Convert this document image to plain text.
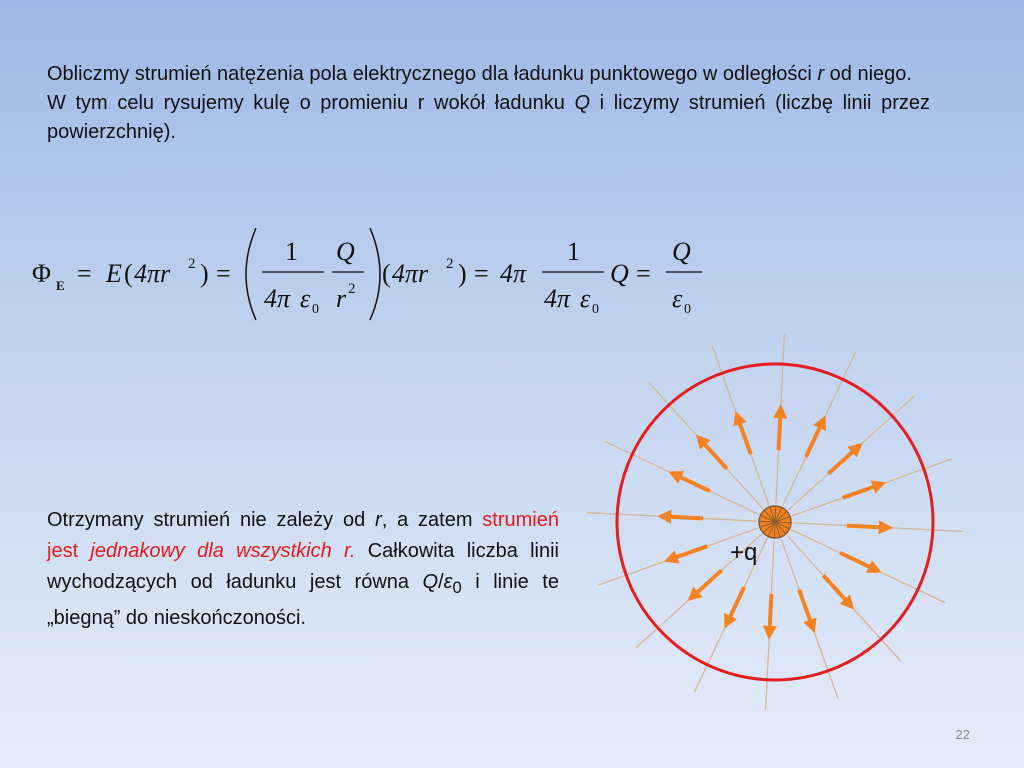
Obliczmy strumień natężenia pola elektrycznego dla ładunku punktowego w odległości r od niego.

W tym celu rysujemy kulę o promieniu r wokół ładunku Q i liczymy strumień (liczbę linii przez powierzchnię).

Φ E = E ( 4πr 2 ) =
1
4π ε 0
Q
r 2
( 4πr 2 ) = 4π
1
4π ε 0
Q =
Q
ε 0

Otrzymany strumień nie zależy od r, a zatem strumień jest jednakowy dla wszystkich r. Całkowita liczba linii wychodzących od ładunku jest równa $Q/\varepsilon_0$ i linie te „biegną” do nieskończoności.

+q
22
